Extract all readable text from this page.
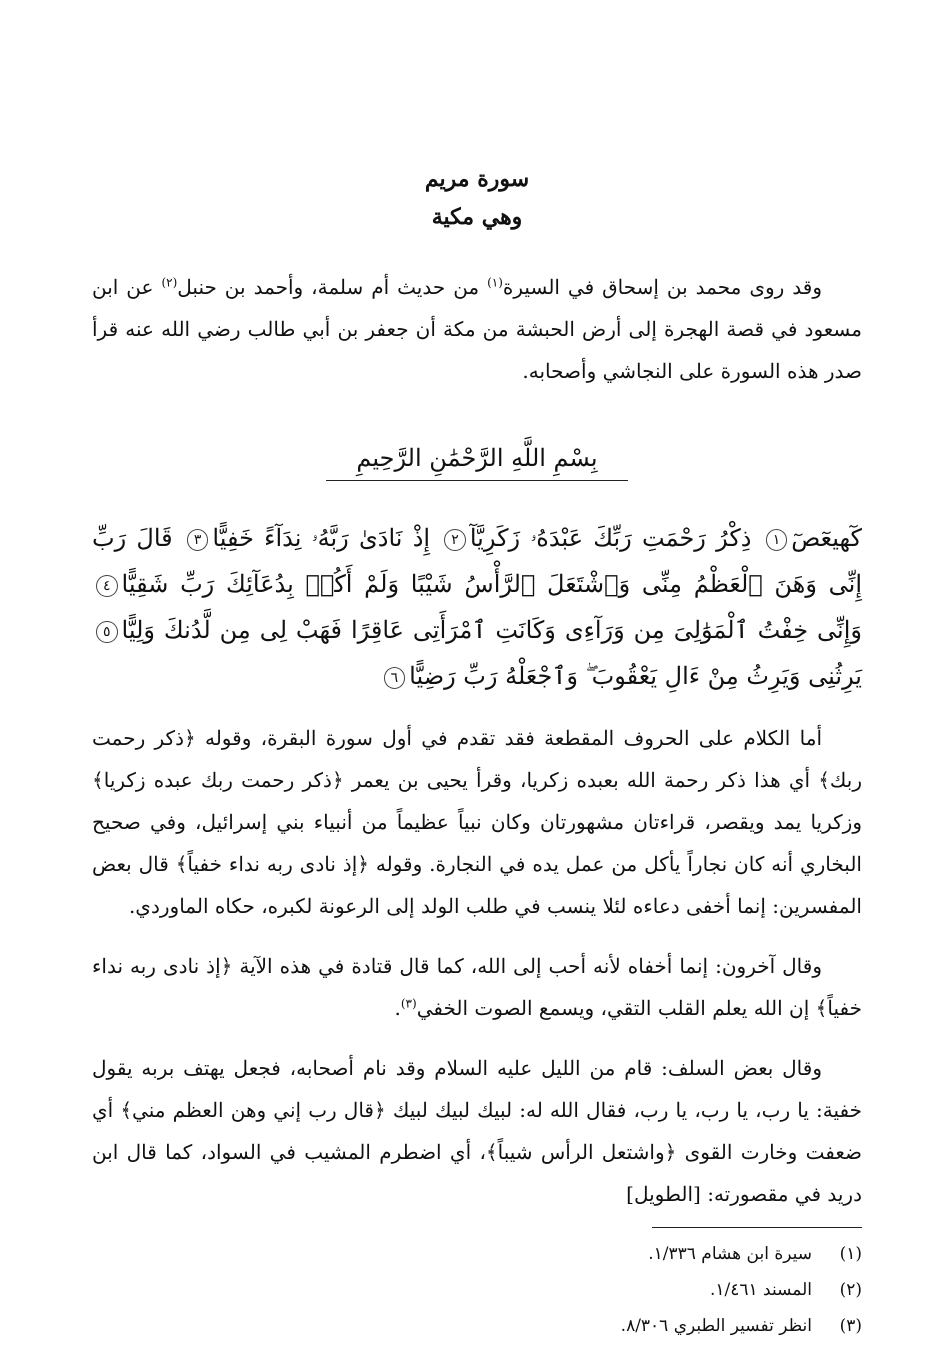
سورة مريم

وهي مكية

وقد روى محمد بن إسحاق في السيرة$^{(١)}$ من حديث أم سلمة، وأحمد بن حنبل$^{(٢)}$ عن ابن مسعود في قصة الهجرة إلى أرض الحبشة من مكة أن جعفر بن أبي طالب رضي الله عنه قرأ صدر هذه السورة على النجاشي وأصحابه.

بِسْمِ اللَّهِ الرَّحْمَٰنِ الرَّحِيمِ

كٓهيعٓصٓ١ ذِكْرُ رَحْمَتِ رَبِّكَ عَبْدَهُۥ زَكَرِيَّآ٢ إِذْ نَادَىٰ رَبَّهُۥ نِدَآءً خَفِيًّا٣ قَالَ رَبِّ إِنِّى وَهَنَ ٱلْعَظْمُ مِنِّى وَٱشْتَعَلَ ٱلرَّأْسُ شَيْبًا وَلَمْ أَكُنۢ بِدُعَآئِكَ رَبِّ شَقِيًّا٤ وَإِنِّى خِفْتُ ٱلْمَوَٰلِىَ مِن وَرَآءِى وَكَانَتِ ٱمْرَأَتِى عَاقِرًا فَهَبْ لِى مِن لَّدُنكَ وَلِيًّا٥ يَرِثُنِى وَيَرِثُ مِنْ ءَالِ يَعْقُوبَ ۖ وَٱجْعَلْهُ رَبِّ رَضِيًّا٦

أما الكلام على الحروف المقطعة فقد تقدم في أول سورة البقرة، وقوله ﴿ذكر رحمت ربك﴾ أي هذا ذكر رحمة الله بعبده زكريا، وقرأ يحيى بن يعمر ﴿ذكر رحمت ربك عبده زكريا﴾ وزكريا يمد ويقصر، قراءتان مشهورتان وكان نبياً عظيماً من أنبياء بني إسرائيل، وفي صحيح البخاري أنه كان نجاراً يأكل من عمل يده في النجارة. وقوله ﴿إذ نادى ربه نداء خفياً﴾ قال بعض المفسرين: إنما أخفى دعاءه لئلا ينسب في طلب الولد إلى الرعونة لكبره، حكاه الماوردي.

وقال آخرون: إنما أخفاه لأنه أحب إلى الله، كما قال قتادة في هذه الآية ﴿إذ نادى ربه نداء خفياً﴾ إن الله يعلم القلب التقي، ويسمع الصوت الخفي$^{(٣)}$.

وقال بعض السلف: قام من الليل عليه السلام وقد نام أصحابه، فجعل يهتف بربه يقول خفية: يا رب، يا رب، يا رب، فقال الله له: لبيك لبيك لبيك ﴿قال رب إني وهن العظم مني﴾ أي ضعفت وخارت القوى ﴿واشتعل الرأس شيباً﴾، أي اضطرم المشيب في السواد، كما قال ابن دريد في مقصورته: [الطويل]

(١)سيرة ابن هشام ١/٣٣٦.
(٢)المسند ١/٤٦١.
(٣)انظر تفسير الطبري ٨/٣٠٦.
